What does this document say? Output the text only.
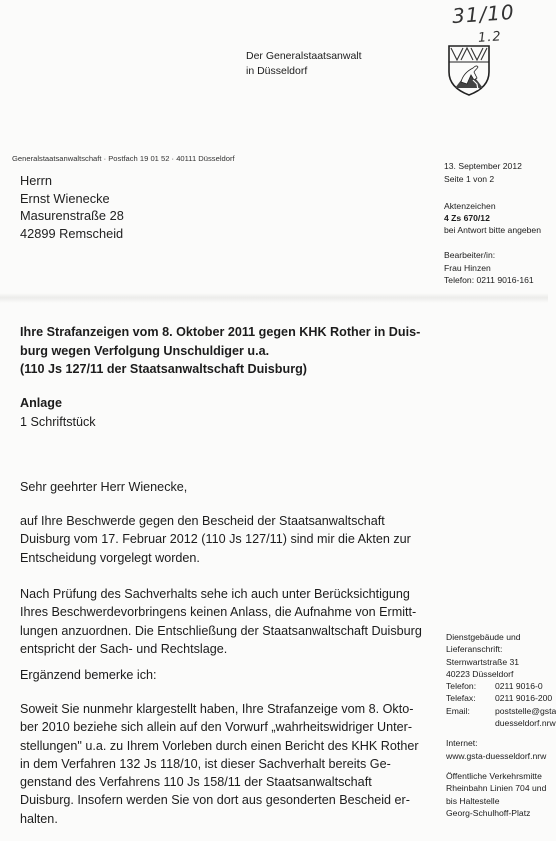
31/10
1.2
Der Generalstaatsanwalt
in Düsseldorf
Generalstaatsanwaltschaft · Postfach 19 01 52 · 40111 Düsseldorf
Herrn
Ernst Wienecke
Masurenstraße 28
42899 Remscheid
13. September 2012
Seite 1 von 2
Aktenzeichen
4 Zs 670/12
bei Antwort bitte angeben
Bearbeiter/in:
Frau Hinzen
Telefon: 0211 9016-161
Ihre Strafanzeigen vom 8. Oktober 2011 gegen KHK Rother in Duis-
burg wegen Verfolgung Unschuldiger u.a.
(110 Js 127/11 der Staatsanwaltschaft Duisburg)
Anlage
1 Schriftstück
Sehr geehrter Herr Wienecke,
auf Ihre Beschwerde gegen den Bescheid der Staatsanwaltschaft
Duisburg vom 17. Februar 2012 (110 Js 127/11) sind mir die Akten zur
Entscheidung vorgelegt worden.
Nach Prüfung des Sachverhalts sehe ich auch unter Berücksichtigung
Ihres Beschwerdevorbringens keinen Anlass, die Aufnahme von Ermitt-
lungen anzuordnen. Die Entschließung der Staatsanwaltschaft Duisburg
entspricht der Sach- und Rechtslage.
Ergänzend bemerke ich:
Soweit Sie nunmehr klargestellt haben, Ihre Strafanzeige vom 8. Okto-
ber 2010 beziehe sich allein auf den Vorwurf „wahrheitswidriger Unter-
stellungen" u.a. zu Ihrem Vorleben durch einen Bericht des KHK Rother
in dem Verfahren 132 Js 118/10, ist dieser Sachverhalt bereits Ge-
genstand des Verfahrens 110 Js 158/11 der Staatsanwaltschaft
Duisburg. Insofern werden Sie von dort aus gesonderten Bescheid er-
halten.
Dienstgebäude und
Lieferanschrift:
Sternwartstraße 31
40223 Düsseldorf
Telefon: 0211 9016-0
Telefax: 0211 9016-200
Email:	poststelle@gsta
duesseldorf.nrw
Internet:
www.gsta-duesseldorf.nrw
Öffentliche Verkehrsmitte
Rheinbahn Linien 704 und
bis Haltestelle
Georg-Schulhoff-Platz
